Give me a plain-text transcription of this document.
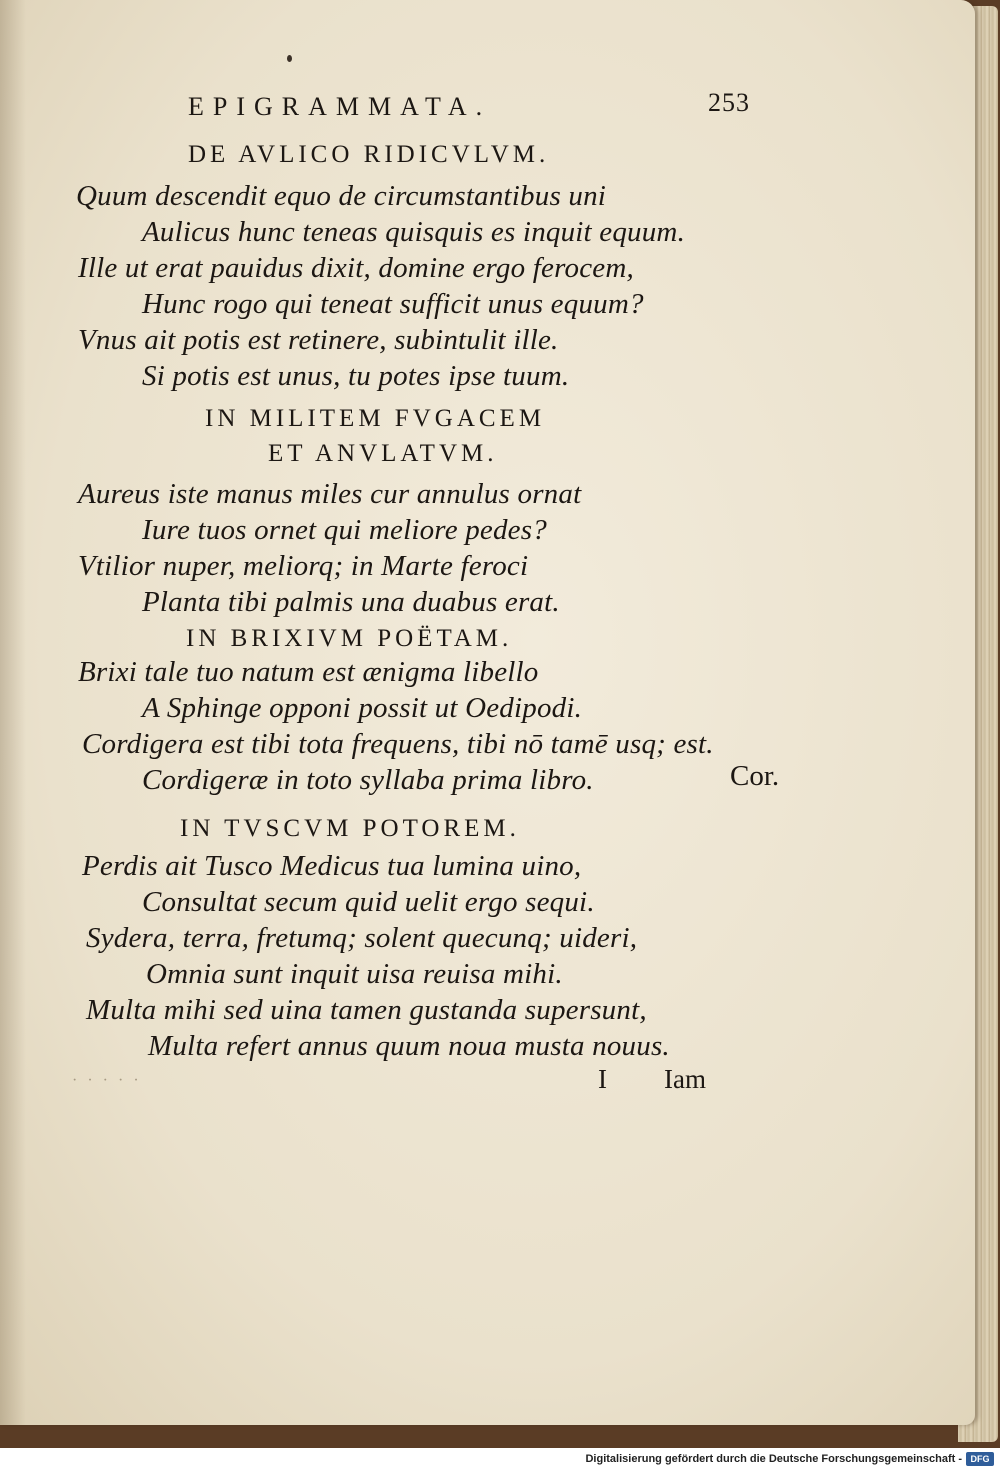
EPIGRAMMATA.	253
DE AVLICO RIDICVLVM.
Quum descendit equo de circumstantibus uni
Aulicus hunc teneas quisquis es inquit equum.
Ille ut erat pauidus dixit, domine ergo ferocem,
Hunc rogo qui teneat sufficit unus equum?
Vnus ait potis est retinere, subintulit ille.
Si potis est unus, tu potes ipse tuum.
IN MILITEM FVGACEM
ET ANVLATVM.
Aureus iste manus miles cur annulus ornat
Iure tuos ornet qui meliore pedes?
Vtilior nuper, meliorq; in Marte feroci
Planta tibi palmis una duabus erat.
IN BRIXIVM POËTAM.
Brixi tale tuo natum est ænigma libello
A Sphinge opponi possit ut Oedipodi.
Cordigera est tibi tota frequens, tibi nō tamē usq; est.
Cordigeræ in toto syllaba prima libro.	Cor.
IN TVSCVM POTOREM.
Perdis ait Tusco Medicus tua lumina uino,
Consultat secum quid uelit ergo sequi.
Sydera, terra, fretumq; solent quecunq; uideri,
Omnia sunt inquit uisa reuisa mihi.
Multa mihi sed uina tamen gustanda supersunt,
Multa refert annus quum noua musta nouus.
· · · · ·	I Iam
Digitalisierung gefördert durch die Deutsche Forschungsgemeinschaft - DFG
